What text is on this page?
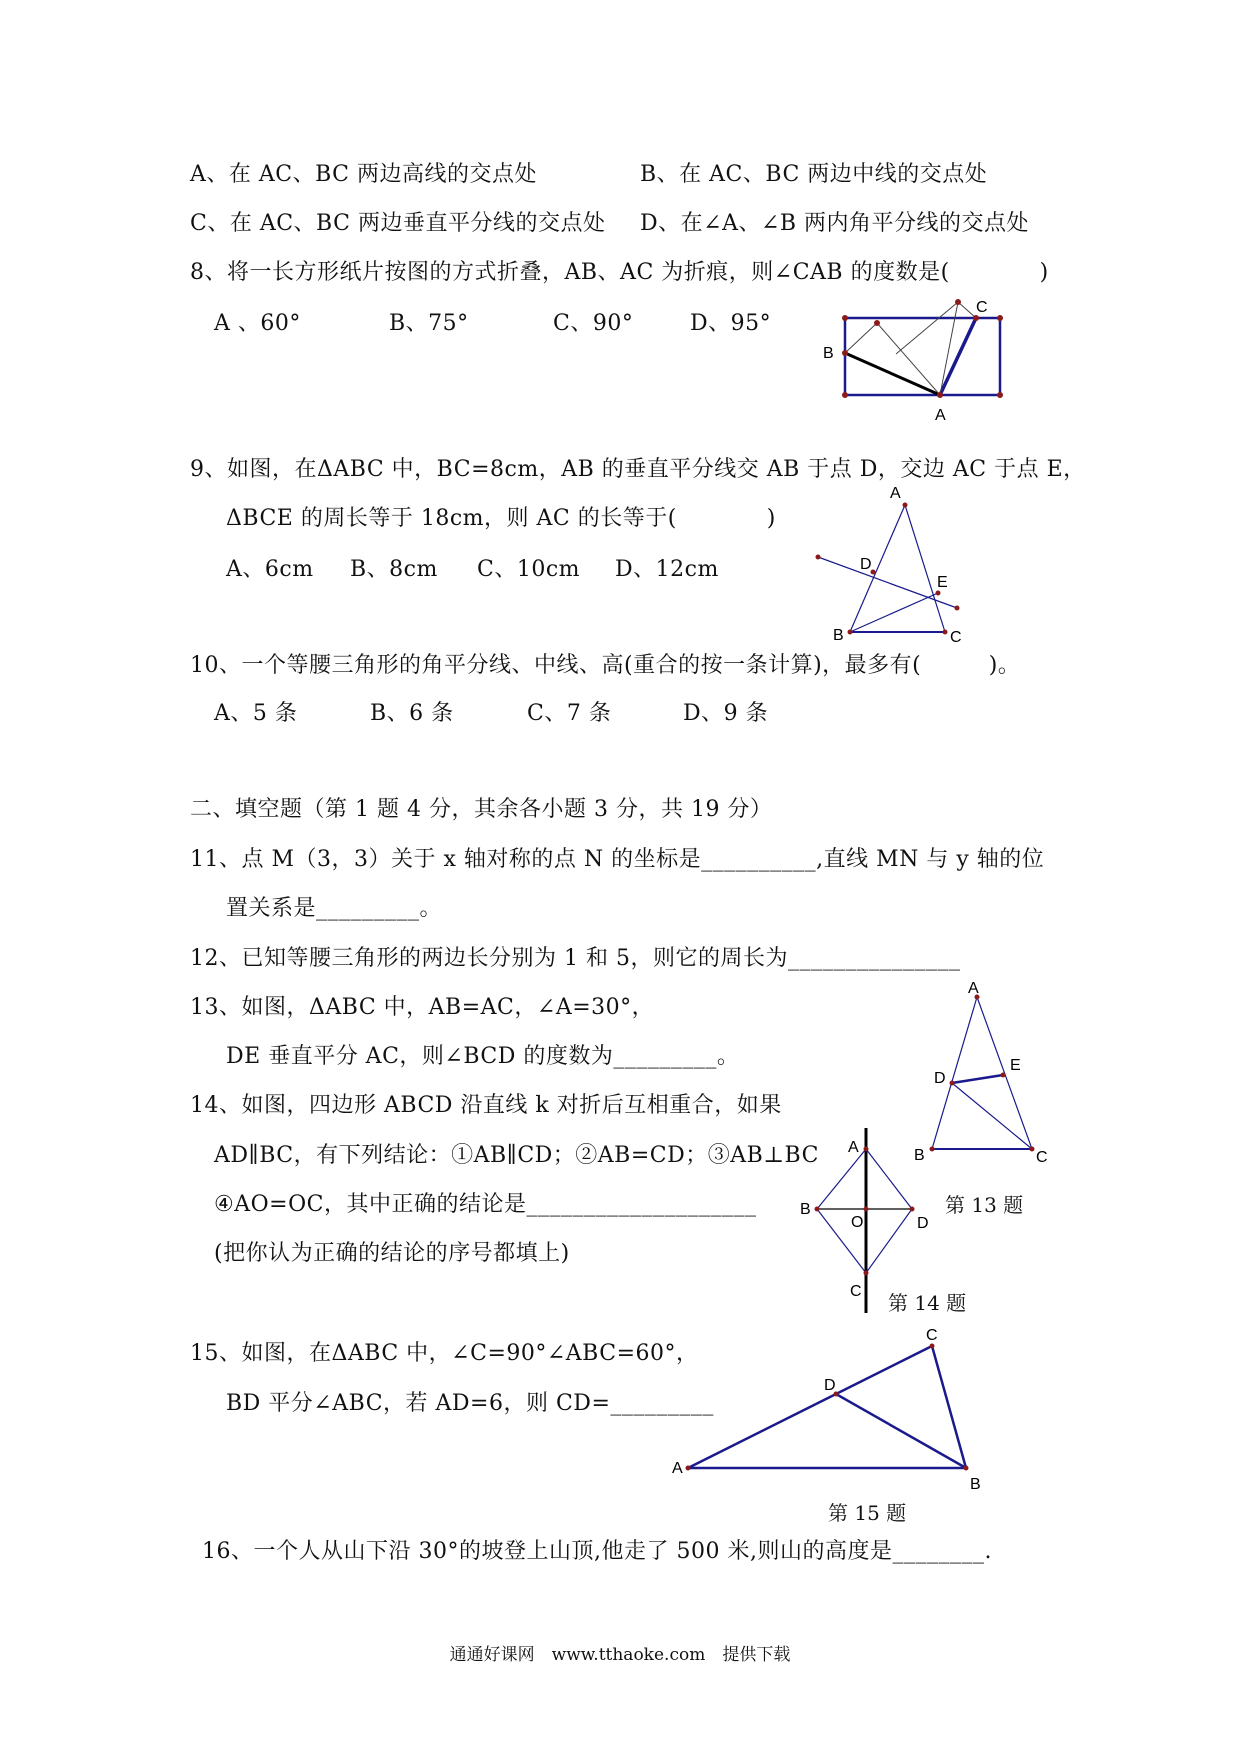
A、在 AC、BC 两边高线的交点处	B、在 AC、BC 两边中线的交点处
C、在 AC、BC 两边垂直平分线的交点处 D、在∠A、∠B 两内角平分线的交点处
8、将一长方形纸片按图的方式折叠，AB、AC 为折痕，则∠CAB 的度数是(　　　　)
A 、60°	B、75°	C、90°	D、95°
9、如图，在ΔABC 中，BC=8cm，AB 的垂直平分线交 AB 于点 D，交边 AC 于点 E，
ΔBCE 的周长等于 18cm，则 AC 的长等于(　　　　)
A、6cm B、8cm C、10cm D、12cm
10、一个等腰三角形的角平分线、中线、高(重合的按一条计算)，最多有(　　　)。
A、5 条	B、6 条	C、7 条	D、9 条
二、填空题（第 1 题 4 分，其余各小题 3 分，共 19 分）
11、点 M（3，3）关于 x 轴对称的点 N 的坐标是__________,直线 MN 与 y 轴的位
置关系是_________。
12、已知等腰三角形的两边长分别为 1 和 5，则它的周长为_______________
13、如图，ΔABC 中，AB=AC，∠A=30°，
DE 垂直平分 AC，则∠BCD 的度数为_________。
14、如图，四边形 ABCD 沿直线 k 对折后互相重合，如果
AD∥BC，有下列结论：①AB∥CD；②AB=CD；③AB⊥BC
④AO=OC，其中正确的结论是____________________
(把你认为正确的结论的序号都填上)
15、如图，在ΔABC 中，∠C=90°∠ABC=60°，
BD 平分∠ABC，若 AD=6，则 CD=_________
16、一个人从山下沿 30°的坡登上山顶,他走了 500 米,则山的高度是________.
第 13 题
第 14 题
第 15 题
通通好课网　www.tthaoke.com　提供下载
B
C
A
A
D
E
B	C
A
E
D
B	C
A
B
O	D
C
C
D
A
B
